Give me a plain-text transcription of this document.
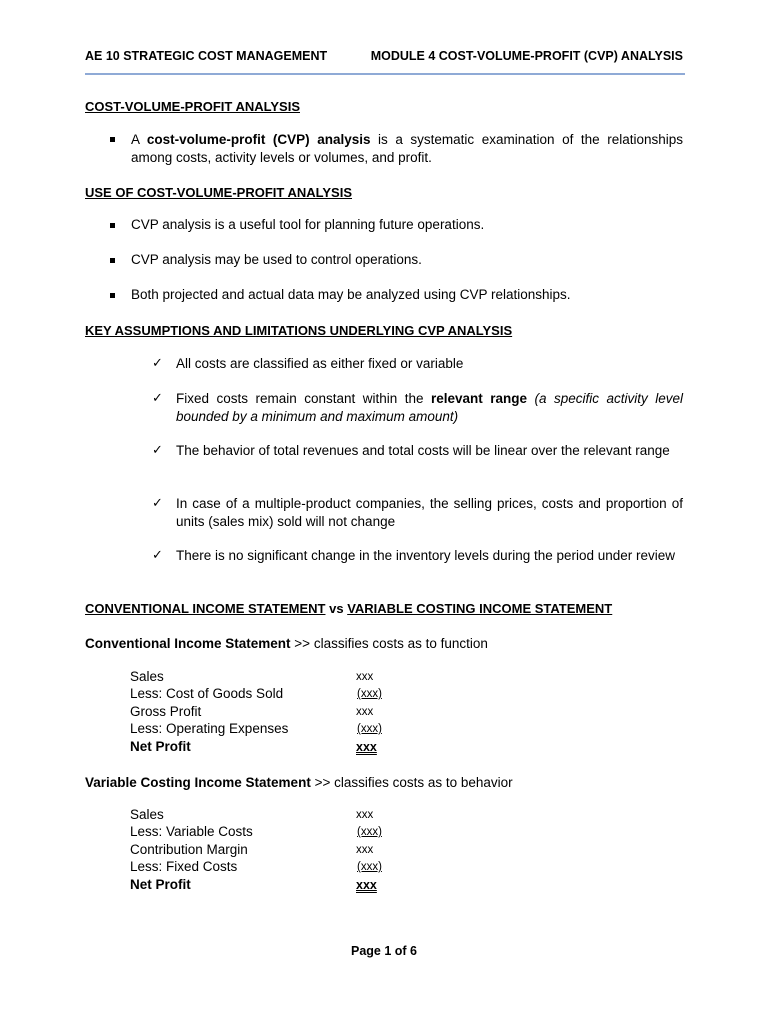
AE 10 STRATEGIC COST MANAGEMENT	MODULE 4 COST-VOLUME-PROFIT (CVP) ANALYSIS
COST-VOLUME-PROFIT ANALYSIS
A cost-volume-profit (CVP) analysis is a systematic examination of the relationships among costs, activity levels or volumes, and profit.
USE OF COST-VOLUME-PROFIT ANALYSIS
CVP analysis is a useful tool for planning future operations.
CVP analysis may be used to control operations.
Both projected and actual data may be analyzed using CVP relationships.
KEY ASSUMPTIONS AND LIMITATIONS UNDERLYING CVP ANALYSIS
✓ All costs are classified as either fixed or variable
✓ Fixed costs remain constant within the relevant range (a specific activity level bounded by a minimum and maximum amount)
✓ The behavior of total revenues and total costs will be linear over the relevant range
✓ In case of a multiple-product companies, the selling prices, costs and proportion of units (sales mix) sold will not change
✓ There is no significant change in the inventory levels during the period under review
CONVENTIONAL INCOME STATEMENT vs VARIABLE COSTING INCOME STATEMENT
Conventional Income Statement >> classifies costs as to function
Sales	xxx
Less: Cost of Goods Sold	(xxx)
Gross Profit	xxx
Less: Operating Expenses	(xxx)
Net Profit	xxx
Variable Costing Income Statement >> classifies costs as to behavior
Sales	xxx
Less: Variable Costs	(xxx)
Contribution Margin	xxx
Less: Fixed Costs	(xxx)
Net Profit	xxx
Page 1 of 6
